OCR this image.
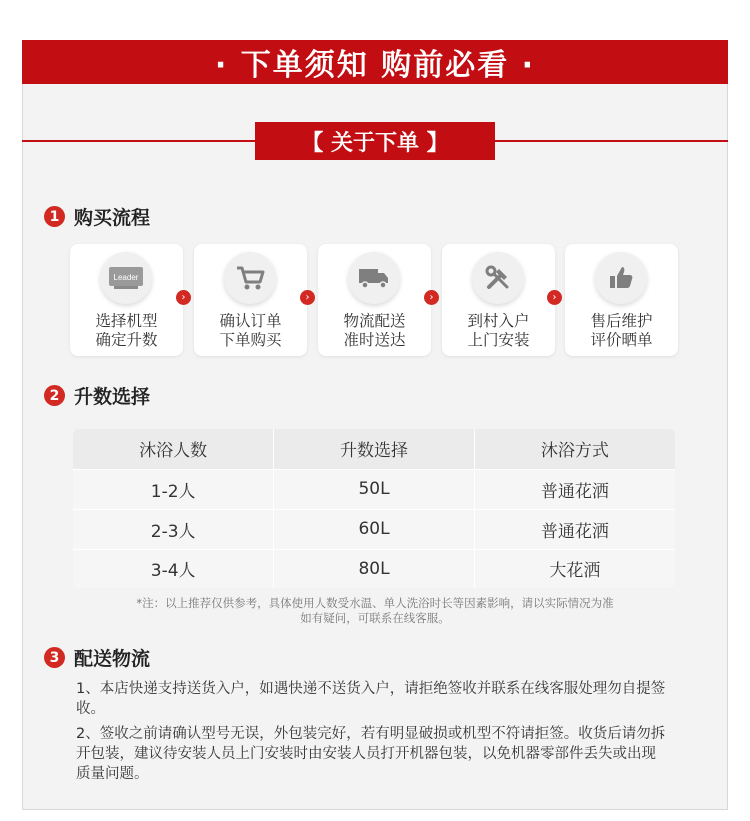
· 下单须知 购前必看 ·
【 关于下单 】
1 购买流程
Leader
选择机型
确定升数
›
确认订单
下单购买
›
物流配送
准时送达
›
到村入户
上门安装
›
售后维护
评价晒单
2 升数选择
沐浴人数	升数选择	沐浴方式
1-2人	50L	普通花洒
2-3人	60L	普通花洒
3-4人	80L	大花洒
*注：以上推荐仅供参考，具体使用人数受水温、单人洗浴时长等因素影响，请以实际情况为准
如有疑问，可联系在线客服。
3 配送物流
1、本店快递支持送货入户，如遇快递不送货入户，请拒绝签收并联系在线客服处理勿自提签收。
2、签收之前请确认型号无误，外包装完好，若有明显破损或机型不符请拒签。收货后请勿拆开包装，建议待安装人员上门安装时由安装人员打开机器包装，以免机器零部件丢失或出现质量问题。
